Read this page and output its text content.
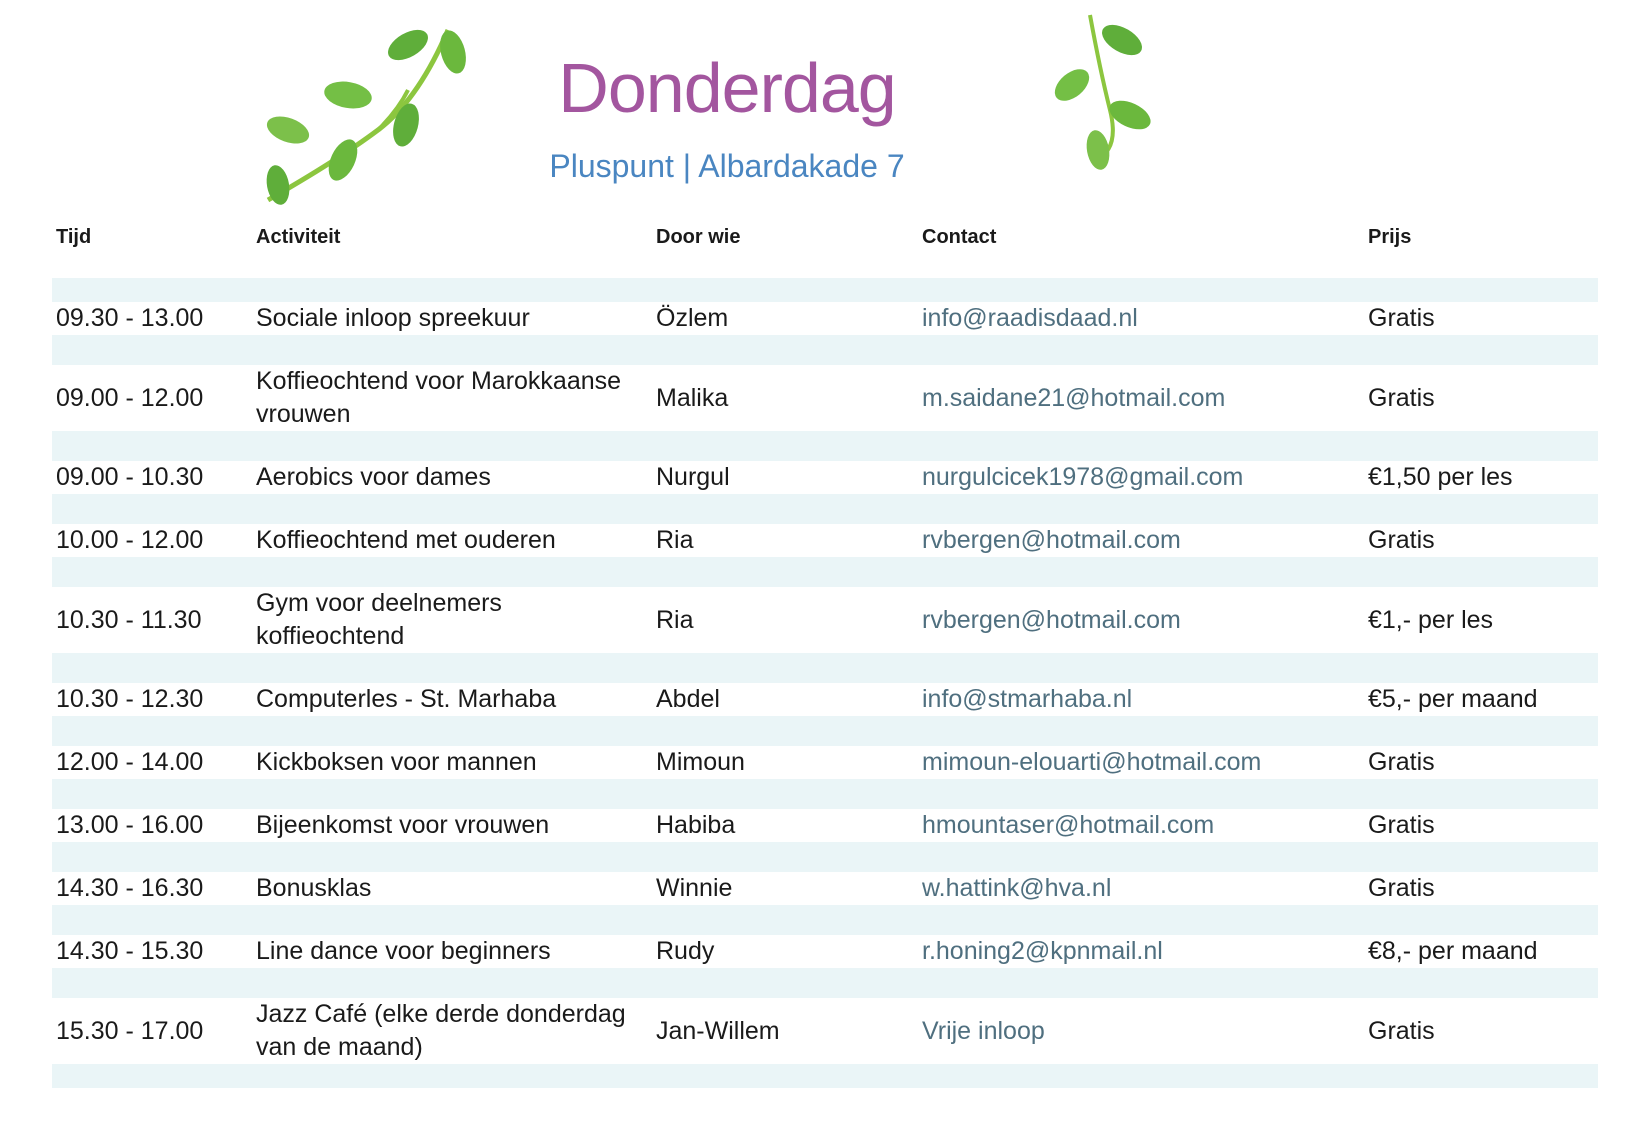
Donderdag
Pluspunt | Albardakade 7
Tijd	Activiteit	Door wie	Contact	Prijs

09.30 - 13.00	Sociale inloop spreekuur	Özlem	info@raadisdaad.nl	Gratis

09.00 - 12.00	Koffieochtend voor Marokkaanse vrouwen	Malika	m.saidane21@hotmail.com	Gratis

09.00 - 10.30	Aerobics voor dames	Nurgul	nurgulcicek1978@gmail.com	€1,50 per les

10.00 - 12.00	Koffieochtend met ouderen	Ria	rvbergen@hotmail.com	Gratis

10.30 - 11.30	Gym voor deelnemers koffieochtend	Ria	rvbergen@hotmail.com	€1,- per les

10.30 - 12.30	Computerles - St. Marhaba	Abdel	info@stmarhaba.nl	€5,- per maand

12.00 - 14.00	Kickboksen voor mannen	Mimoun	mimoun-elouarti@hotmail.com	Gratis

13.00 - 16.00	Bijeenkomst voor vrouwen	Habiba	hmountaser@hotmail.com	Gratis

14.30 - 16.30	Bonusklas	Winnie	w.hattink@hva.nl	Gratis

14.30 - 15.30	Line dance voor beginners	Rudy	r.honing2@kpnmail.nl	€8,- per maand

15.30 - 17.00	Jazz Café (elke derde donderdag van de maand)	Jan-Willem	Vrije inloop	Gratis
